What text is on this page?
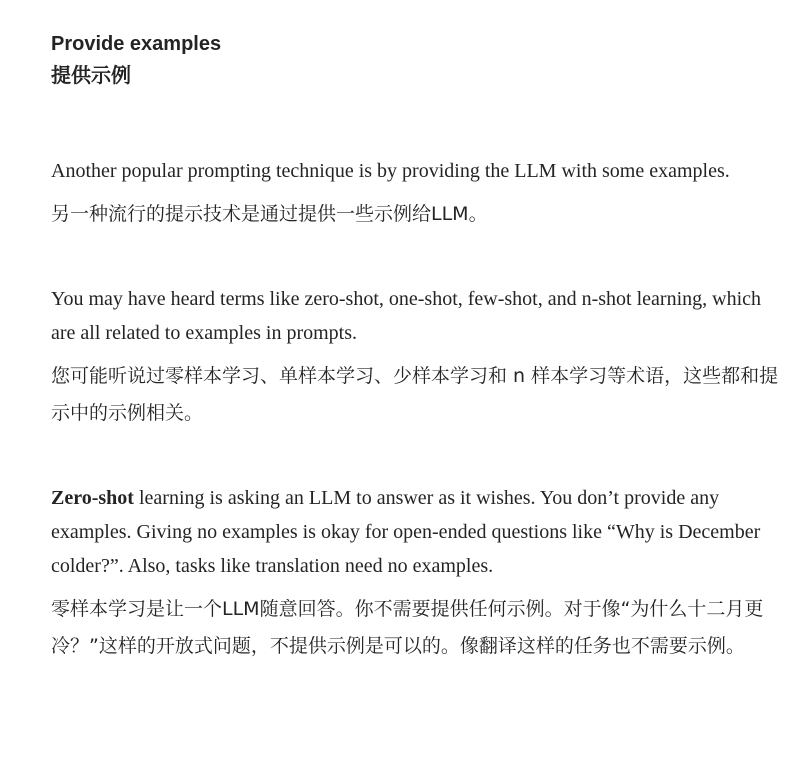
Provide examples
提供示例

Another popular prompting technique is by providing the LLM with some examples.

另一种流行的提示技术是通过提供一些示例给LLM。

You may have heard terms like zero-shot, one-shot, few-shot, and n-shot learning, which are all related to examples in prompts.

您可能听说过零样本学习、单样本学习、少样本学习和 n 样本学习等术语，这些都和提示中的示例相关。

Zero-shot learning is asking an LLM to answer as it wishes. You don’t provide any examples. Giving no examples is okay for open-ended questions like “Why is December colder?”. Also, tasks like translation need no examples.

零样本学习是让一个LLM随意回答。你不需要提供任何示例。对于像“为什么十二月更冷？”这样的开放式问题，不提供示例是可以的。像翻译这样的任务也不需要示例。
